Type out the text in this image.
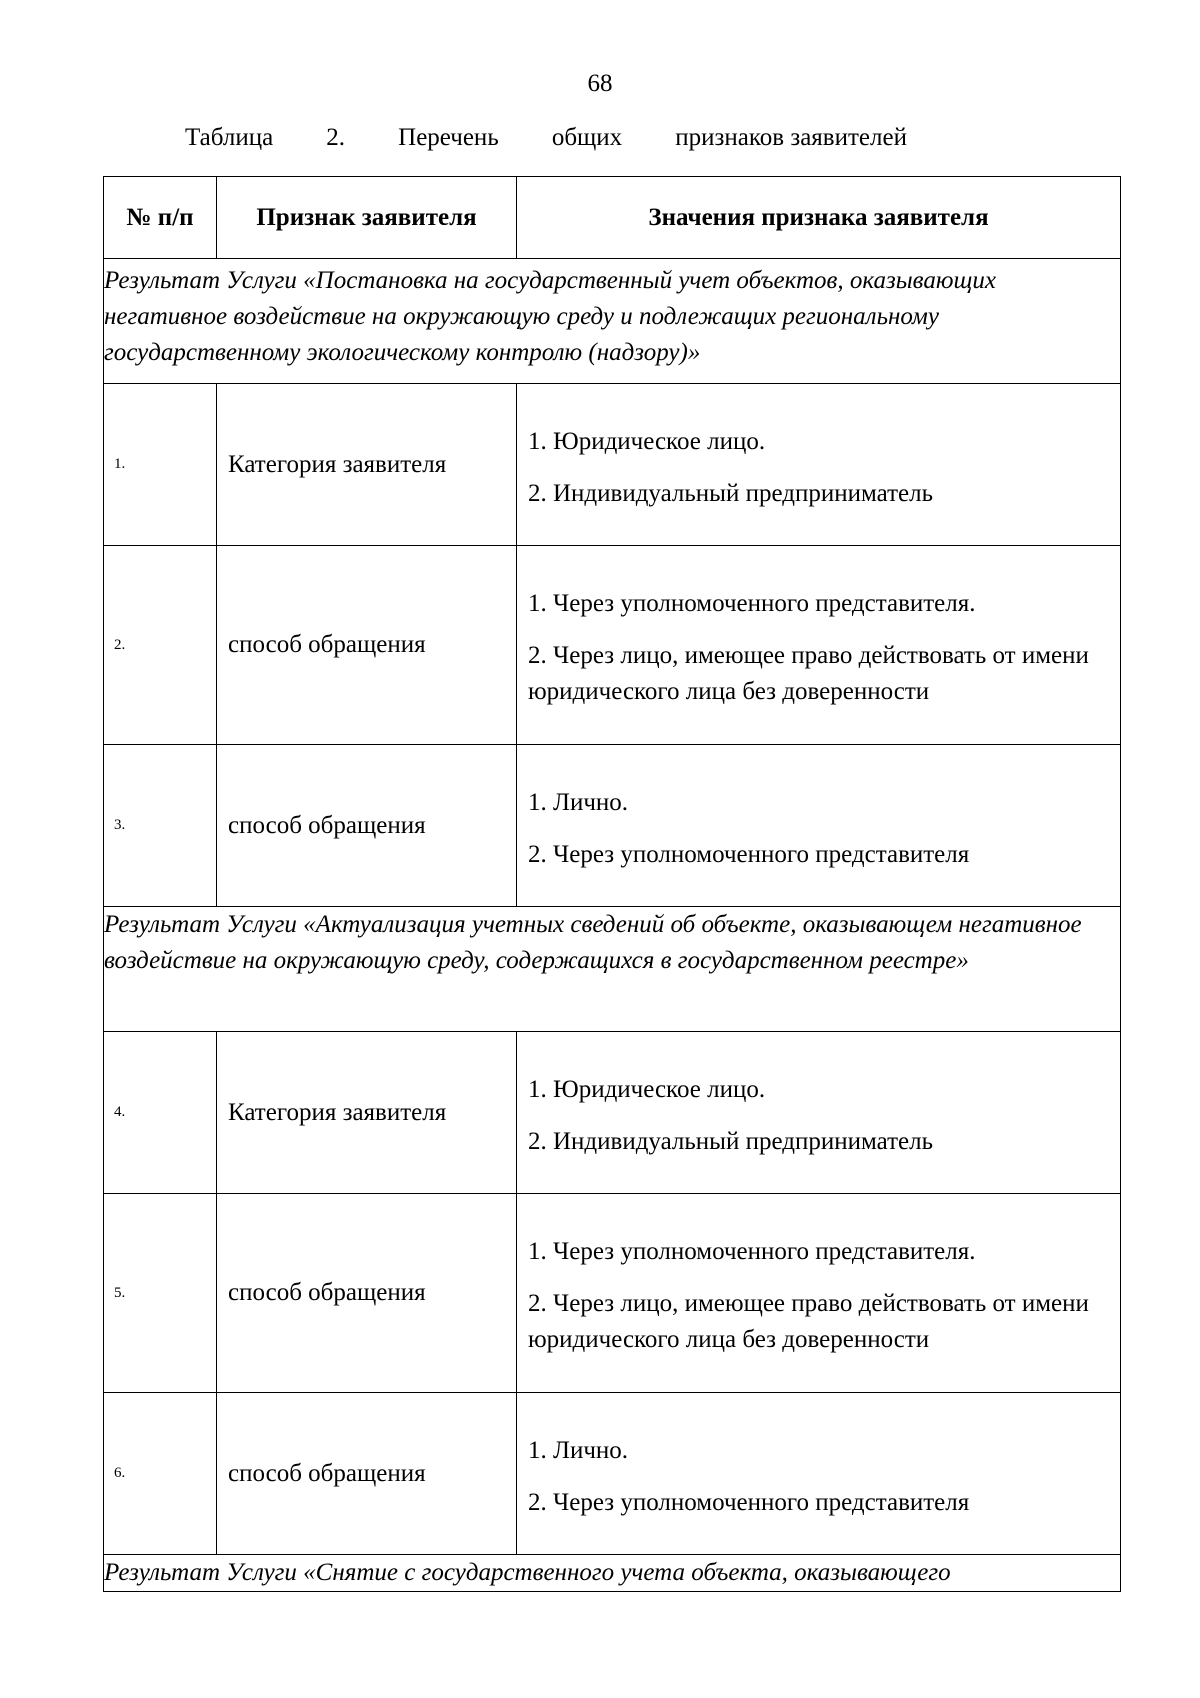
68
Таблица 2. Перечень общих признаков заявителей
№ п/п	Признак заявителя	Значения признака заявителя
Результат Услуги «Постановка на государственный учет объектов, оказывающих негативное воздействие на окружающую среду и подлежащих региональному государственному экологическому контролю (надзору)»		
1.	Категория заявителя	1. Юридическое лицо.

2. Индивидуальный предприниматель

2.	способ обращения	1. Через уполномоченного представителя.

2. Через лицо, имеющее право действовать от имени юридического лица без доверенности

3.	способ обращения	1. Лично.

2. Через уполномоченного представителя

Результат Услуги «Актуализация учетных сведений об объекте, оказывающем негативное воздействие на окружающую среду, содержащихся в государственном реестре»		
4.	Категория заявителя	1. Юридическое лицо.

2. Индивидуальный предприниматель

5.	способ обращения	1. Через уполномоченного представителя.

2. Через лицо, имеющее право действовать от имени юридического лица без доверенности

6.	способ обращения	1. Лично.

2. Через уполномоченного представителя

Результат Услуги «Снятие с государственного учета объекта, оказывающего		
